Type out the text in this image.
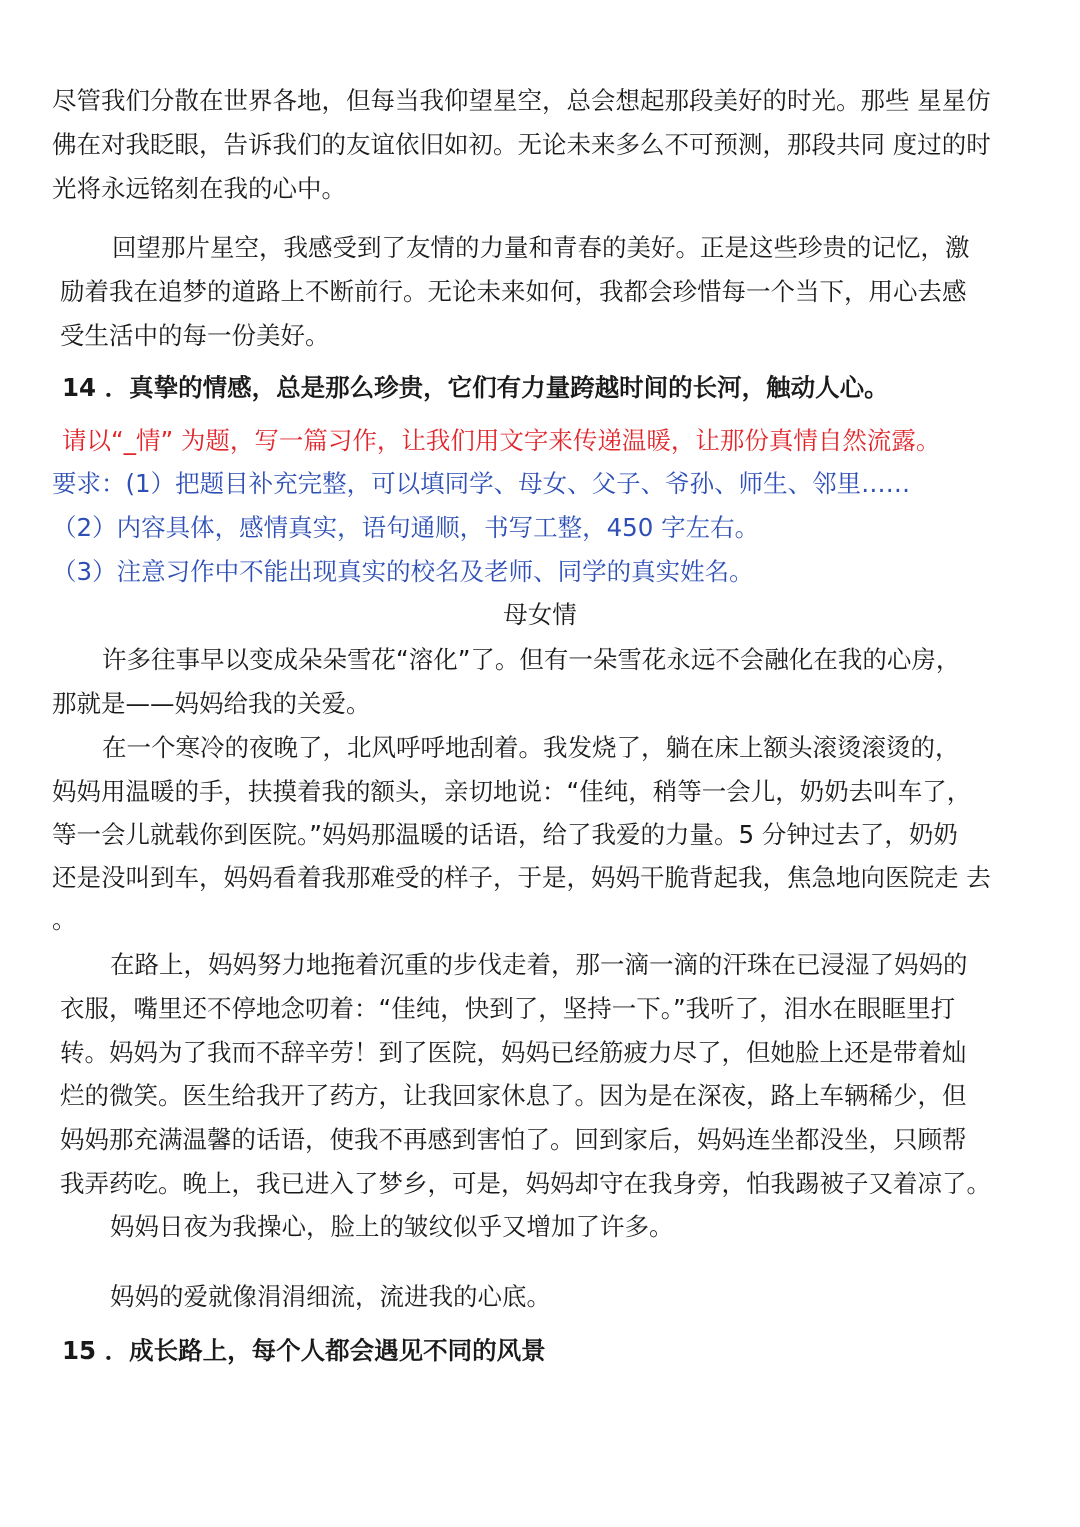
尽管我们分散在世界各地，但每当我仰望星空，总会想起那段美好的时光。那些 星星仿
佛在对我眨眼，告诉我们的友谊依旧如初。无论未来多么不可预测，那段共同 度过的时
光将永远铭刻在我的心中。
回望那片星空，我感受到了友情的力量和青春的美好。正是这些珍贵的记忆，激
励着我在追梦的道路上不断前行。无论未来如何，我都会珍惜每一个当下，用心去感
受生活中的每一份美好。
14 ．真挚的情感，总是那么珍贵，它们有力量跨越时间的长河，触动人心。
请以“_情” 为题，写一篇习作，让我们用文字来传递温暖，让那份真情自然流露。
要求：(1）把题目补充完整，可以填同学、母女、父子、爷孙、师生、邻里……
（2）内容具体，感情真实，语句通顺，书写工整，450 字左右。
（3）注意习作中不能出现真实的校名及老师、同学的真实姓名。
母女情
许多往事早以变成朵朵雪花“溶化”了。但有一朵雪花永远不会融化在我的心房，
那就是——妈妈给我的关爱。
在一个寒冷的夜晚了，北风呼呼地刮着。我发烧了，躺在床上额头滚烫滚烫的，
妈妈用温暖的手，扶摸着我的额头，亲切地说：“佳纯，稍等一会儿，奶奶去叫车了，
等一会儿就载你到医院。”妈妈那温暖的话语，给了我爱的力量。5 分钟过去了，奶奶
还是没叫到车，妈妈看着我那难受的样子，于是，妈妈干脆背起我，焦急地向医院走 去
。
在路上，妈妈努力地拖着沉重的步伐走着，那一滴一滴的汗珠在已浸湿了妈妈的
衣服，嘴里还不停地念叨着：“佳纯，快到了，坚持一下。”我听了，泪水在眼眶里打
转。妈妈为了我而不辞辛劳！到了医院，妈妈已经筋疲力尽了，但她脸上还是带着灿
烂的微笑。医生给我开了药方，让我回家休息了。因为是在深夜，路上车辆稀少，但
妈妈那充满温馨的话语，使我不再感到害怕了。回到家后，妈妈连坐都没坐，只顾帮
我弄药吃。晚上，我已进入了梦乡，可是，妈妈却守在我身旁，怕我踢被子又着凉了。
妈妈日夜为我操心，脸上的皱纹似乎又增加了许多。
妈妈的爱就像涓涓细流，流进我的心底。
15 ．成长路上，每个人都会遇见不同的风景
